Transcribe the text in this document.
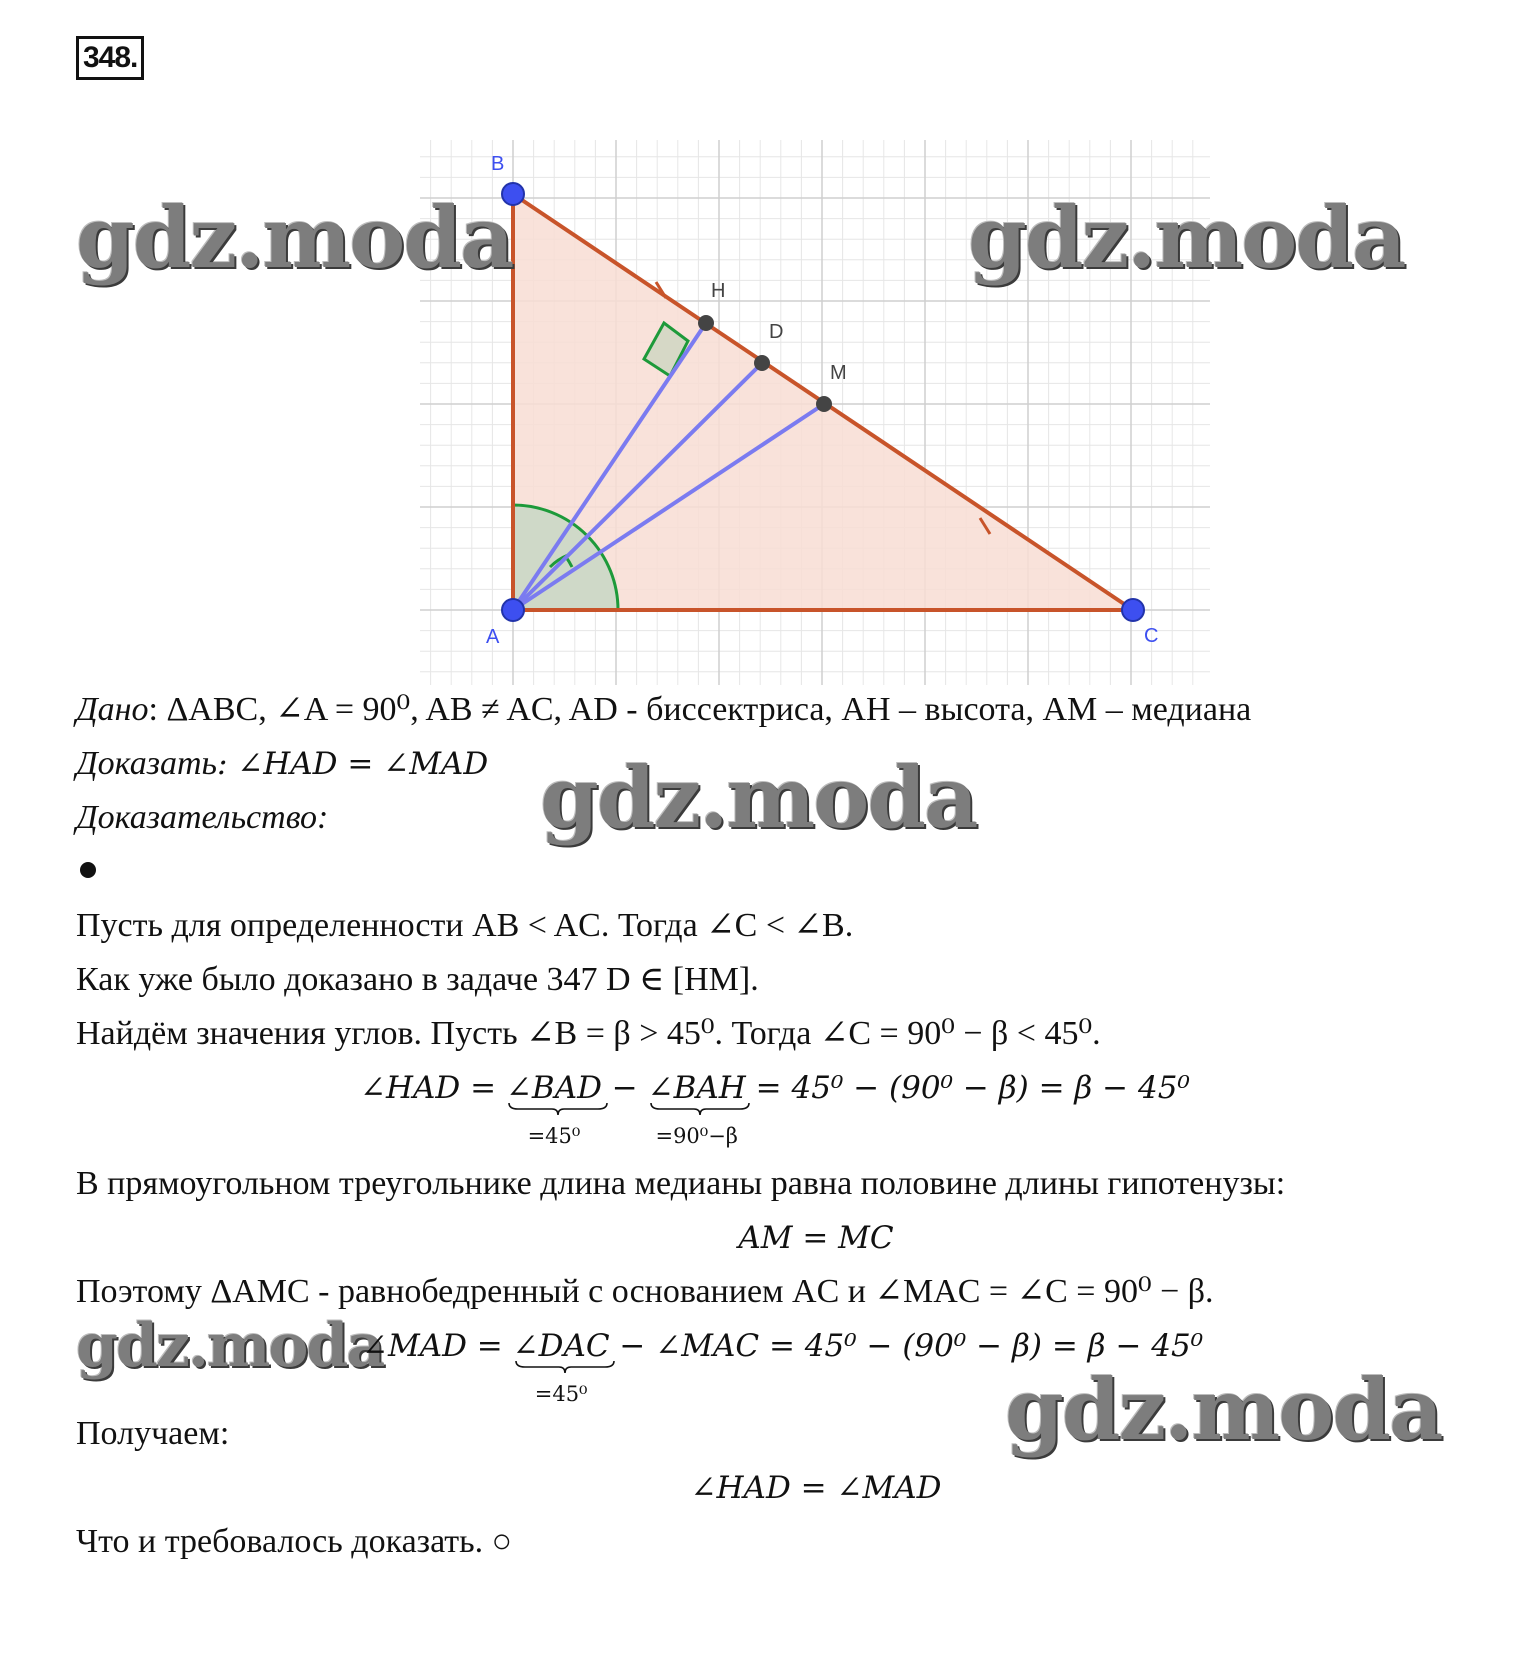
348.
B
A	C
H
D
M
gdz.moda	gdz.moda
gdz.moda
gdz.moda
gdz.moda
Дано: ΔABC, ∠A = 90⁰, AB ≠ AC, AD - биссектриса, AH – высота, AM – медиана
Доказать: ∠HAD = ∠MAD
Доказательство:
Пусть для определенности AB < AC. Тогда ∠C < ∠B.
Как уже было доказано в задаче 347 D ∈ [HM].
Найдём значения углов. Пусть ∠B = β > 45⁰. Тогда ∠C = 90⁰ − β < 45⁰.
∠HAD = ∠BAD
=45⁰
− ∠BAH
=90⁰−β
= 45⁰ − (90⁰ − β) = β − 45⁰
В прямоугольном треугольнике длина медианы равна половине длины гипотенузы:
AM = MC
Поэтому ΔAMC - равнобедренный с основанием AC и ∠MAC = ∠C = 90⁰ − β.
∠MAD = ∠DAC
=45⁰
− ∠MAC = 45⁰ − (90⁰ − β) = β − 45⁰
Получаем:
∠HAD = ∠MAD
Что и требовалось доказать. ○
